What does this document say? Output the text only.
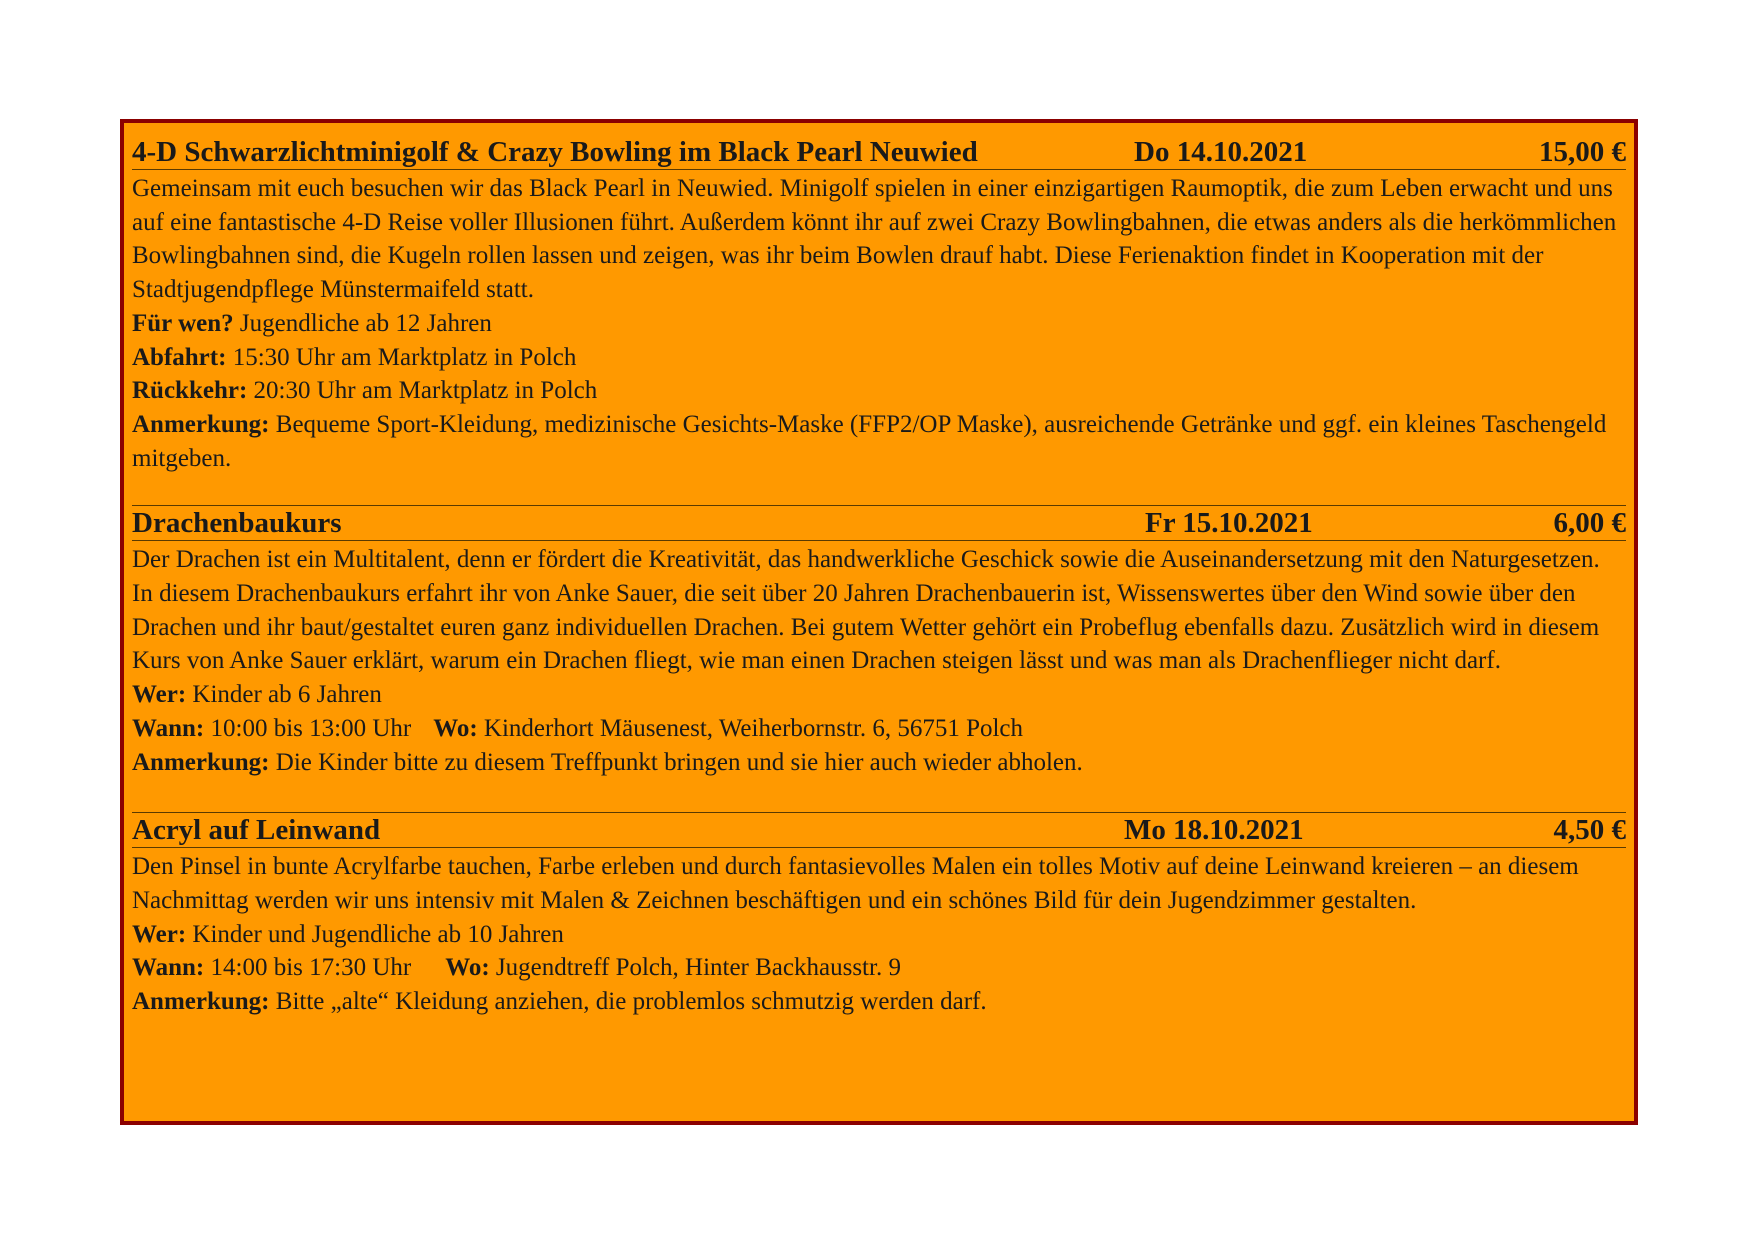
4-D Schwarzlichtminigolf & Crazy Bowling im Black Pearl Neuwied	Do 14.10.2021	15,00 €

Gemeinsam mit euch besuchen wir das Black Pearl in Neuwied. Minigolf spielen in einer einzigartigen Raumoptik, die zum Leben erwacht und uns auf eine fantastische 4-D Reise voller Illusionen führt. Außerdem könnt ihr auf zwei Crazy Bowlingbahnen, die etwas anders als die herkömmlichen Bowlingbahnen sind, die Kugeln rollen lassen und zeigen, was ihr beim Bowlen drauf habt. Diese Ferienaktion findet in Kooperation mit der Stadtjugendpflege Münstermaifeld statt.

Für wen? Jugendliche ab 12 Jahren
Abfahrt: 15:30 Uhr am Marktplatz in Polch
Rückkehr: 20:30 Uhr am Marktplatz in Polch

Anmerkung: Bequeme Sport-Kleidung, medizinische Gesichts-Maske (FFP2/OP Maske), ausreichende Getränke und ggf. ein kleines Taschengeld mitgeben.

Drachenbaukurs	Fr 15.10.2021	6,00 €

Der Drachen ist ein Multitalent, denn er fördert die Kreativität, das handwerkliche Geschick sowie die Auseinandersetzung mit den Naturgesetzen. In diesem Drachenbaukurs erfahrt ihr von Anke Sauer, die seit über 20 Jahren Drachenbauerin ist, Wissenswertes über den Wind sowie über den Drachen und ihr baut/gestaltet euren ganz individuellen Drachen. Bei gutem Wetter gehört ein Probeflug ebenfalls dazu. Zusätzlich wird in diesem Kurs von Anke Sauer erklärt, warum ein Drachen fliegt, wie man einen Drachen steigen lässt und was man als Drachenflieger nicht darf.

Wer: Kinder ab 6 Jahren
Wann: 10:00 bis 13:00 Uhr Wo: Kinderhort Mäusenest, Weiherbornstr. 6, 56751 Polch
Anmerkung: Die Kinder bitte zu diesem Treffpunkt bringen und sie hier auch wieder abholen.
Acryl auf Leinwand	Mo 18.10.2021	4,50 €

Den Pinsel in bunte Acrylfarbe tauchen, Farbe erleben und durch fantasievolles Malen ein tolles Motiv auf deine Leinwand kreieren – an diesem Nachmittag werden wir uns intensiv mit Malen & Zeichnen beschäftigen und ein schönes Bild für dein Jugendzimmer gestalten.

Wer: Kinder und Jugendliche ab 10 Jahren
Wann: 14:00 bis 17:30 Uhr Wo: Jugendtreff Polch, Hinter Backhausstr. 9
Anmerkung: Bitte „alte“ Kleidung anziehen, die problemlos schmutzig werden darf.
